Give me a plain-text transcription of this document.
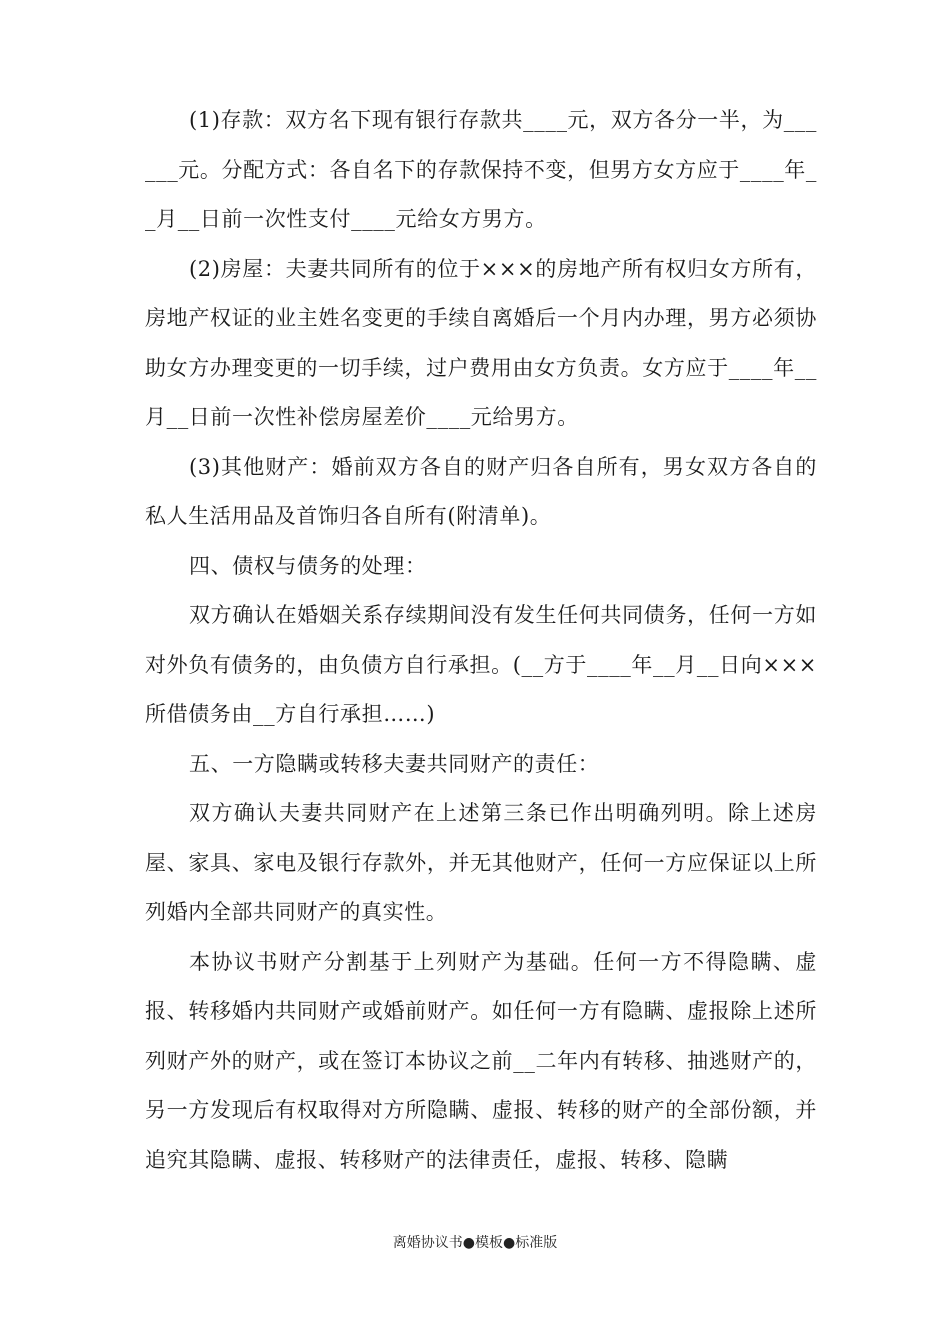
(1)存款：双方名下现有银行存款共____元，双方各分一半，为______元。分配方式：各自名下的存款保持不变，但男方女方应于____年__月__日前一次性支付____元给女方男方。

(2)房屋：夫妻共同所有的位于×××的房地产所有权归女方所有，房地产权证的业主姓名变更的手续自离婚后一个月内办理，男方必须协助女方办理变更的一切手续，过户费用由女方负责。女方应于____年__月__日前一次性补偿房屋差价____元给男方。

(3)其他财产：婚前双方各自的财产归各自所有，男女双方各自的私人生活用品及首饰归各自所有(附清单)。

四、债权与债务的处理：

双方确认在婚姻关系存续期间没有发生任何共同债务，任何一方如对外负有债务的，由负债方自行承担。(__方于____年__月__日向×××所借债务由__方自行承担……)

五、一方隐瞒或转移夫妻共同财产的责任：

双方确认夫妻共同财产在上述第三条已作出明确列明。除上述房屋、家具、家电及银行存款外，并无其他财产，任何一方应保证以上所列婚内全部共同财产的真实性。

本协议书财产分割基于上列财产为基础。任何一方不得隐瞒、虚报、转移婚内共同财产或婚前财产。如任何一方有隐瞒、虚报除上述所列财产外的财产，或在签订本协议之前__二年内有转移、抽逃财产的，另一方发现后有权取得对方所隐瞒、虚报、转移的财产的全部份额，并追究其隐瞒、虚报、转移财产的法律责任，虚报、转移、隐瞒

离婚协议书●模板●标准版
